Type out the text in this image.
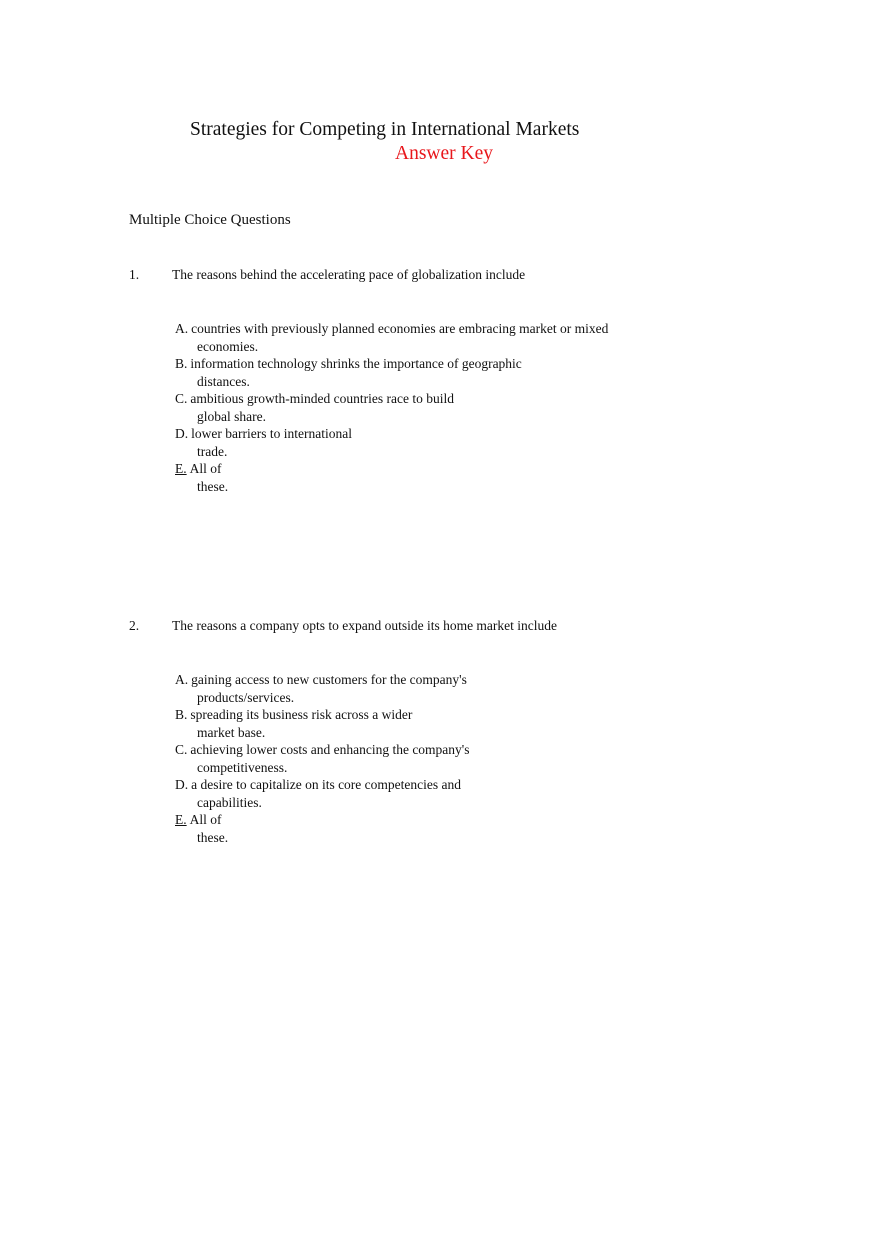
Strategies for Competing in International Markets
Answer Key
Multiple Choice Questions
1. The reasons behind the accelerating pace of globalization include
A. countries with previously planned economies are embracing market or mixed
economies.
B. information technology shrinks the importance of geographic
distances.
C. ambitious growth-minded countries race to build
global share.
D. lower barriers to international
trade.
E. All of
these.
2. The reasons a company opts to expand outside its home market include
A. gaining access to new customers for the company's
products/services.
B. spreading its business risk across a wider
market base.
C. achieving lower costs and enhancing the company's
competitiveness.
D. a desire to capitalize on its core competencies and
capabilities.
E. All of
these.
